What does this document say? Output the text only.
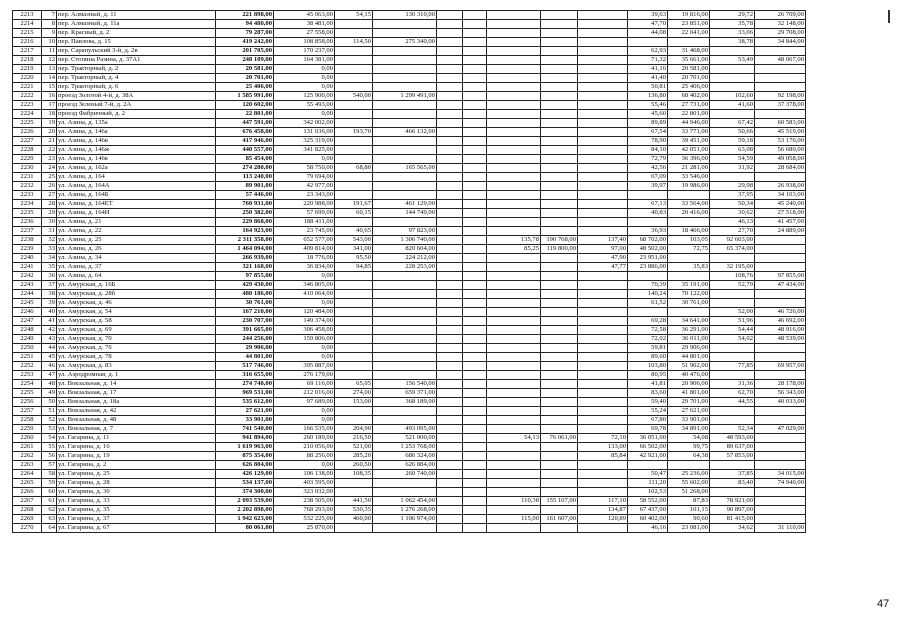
2213	7	пер. Алмазный, д. 11	221 898,00	45 063,00	54,15	130 310,00						39,63	19 816,00	29,72	26 709,00
2214	8	пер. Алмазный, д. 11а	94 480,00	38 481,00								47,70	23 851,00	35,78	32 148,00
2215	9	пер. Красный, д. 2	79 287,00	27 558,00								44,08	22 041,00	33,06	29 708,00
2216	10	пер. Павлова, д. 15	419 242,00	108 858,00	114,50	275 340,00								38,78	34 844,00
2217	11	пер. Сарапульский 3-й, д. 2в	201 705,00	170 237,00								62,93	31 468,00		
2218	12	пер. Стопина Разина, д. 37А1	248 109,00	164 381,00								71,32	35 661,00	53,49	48 067,00
2219	13	пер. Тракторный, д. 2	20 581,00	0,00								41,16	20 581,00		
2220	14	пер. Тракторный, д. 4	20 701,00	0,00								41,40	20 701,00		
2221	15	пер. Тракторный, д. 6	25 406,00	0,00								50,81	25 406,00		
2222	16	проезд Золотой 4-й, д. 38А	1 585 991,00	125 900,00	540,00	1 299 491,00						136,80	68 402,00	102,60	92 198,00
2223	17	проезд Зеленый 7-й, д. 2А	120 602,00	55 493,00								55,46	27 731,00	41,60	37 378,00
2224	18	проезд Фабричный, д. 2	22 801,00	0,00								45,60	22 801,00		
2225	19	ул. Азина, д. 135а	447 591,00	342 002,00								89,89	44 946,00	67,42	60 583,00
2226	20	ул. Азина, д. 146а	676 458,00	131 036,00	193,70	466 132,00						67,54	33 771,00	50,66	45 519,00
2227	21	ул. Азина, д. 146в	417 946,00	325 319,00								78,90	39 451,00	59,18	53 176,00
2228	22	ул. Азина, д. 146ж	440 557,00	341 825,00								84,10	42 051,00	63,08	56 680,00
2229	23	ул. Азина, д. 146к	85 454,00	0,00								72,79	36 396,00	54,59	49 058,00
2230	24	ул. Азина, д. 162а	274 280,00	58 750,00	68,80	165 565,00						42,56	21 281,00	31,92	28 684,00
2231	25	ул. Азина, д. 164	113 240,00	79 694,00								67,09	33 546,00		
2232	26	ул. Азина, д. 164А	89 901,00	42 977,00								39,97	19 986,00	29,98	26 938,00
2233	27	ул. Азина, д. 164Б	57 446,00	23 343,00										37,95	34 103,00
2234	28	ул. Азина, д. 164ЕТ	760 931,00	220 988,00	191,67	461 129,00						67,13	33 564,00	50,34	45 240,00
2235	29	ул. Азина, д. 164И	250 382,00	57 699,00	60,15	144 749,00						40,83	20 416,00	30,62	27 518,00
2236	30	ул. Азина, д. 21	229 868,00	188 411,00										46,13	41 457,00
2237	31	ул. Азина, д. 22	164 923,00	23 745,00	40,65	97 823,00						36,93	18 466,00	27,70	24 889,00
2238	32	ул. Азина, д. 25	2 311 358,00	652 577,00	543,00	1 306 740,00			135,78	190 768,00	137,40	68 702,00	103,05	92 603,00	
2239	33	ул. Азина, д. 26	1 464 094,00	409 814,00	341,00	820 604,00			85,25	119 800,00	97,00	48 502,00	72,75	65 374,00	
2240	34	ул. Азина, д. 34	266 939,00	18 776,00	95,50	224 212,00					47,90	23 951,00			
2241	35	ул. Азина, д. 37	321 168,00	36 834,00	94,85	228 253,00					47,77	23 886,00	35,83	32 195,00	
2242	36	ул. Азина, д. 64	97 855,00	0,00										108,76	97 855,00
2243	37	ул. Амурская, д. 16Б	429 430,00	346 805,00								70,39	35 191,00	52,79	47 434,00
2244	38	ул. Амурская, д. 28б	480 186,00	410 064,00								140,24	70 122,00		
2245	39	ул. Амурская, д. 46	30 761,00	0,00								61,52	30 761,00		
2246	40	ул. Амурская, д. 54	167 210,00	120 484,00										52,00	46 726,00
2247	41	ул. Амурская, д. 58	230 707,00	149 374,00								69,28	34 641,00	51,96	46 692,00
2248	42	ул. Амурская, д. 69	391 665,00	306 458,00								72,58	36 291,00	54,44	48 916,00
2249	43	ул. Амурская, д. 70	244 256,00	159 806,00								72,02	36 011,00	54,02	48 539,00
2250	44	ул. Амурская, д. 76	29 906,00	0,00								59,81	29 906,00		
2251	45	ул. Амурская, д. 78	44 801,00	0,00								89,60	44 801,00		
2252	46	ул. Амурская, д. 83	517 746,00	395 887,00								103,80	51 902,00	77,85	69 957,00
2253	47	ул. Аэродромная, д. 1	316 655,00	276 179,00								80,95	40 476,00		
2254	48	ул. Вокзальная, д. 14	274 740,00	69 116,00	65,05	156 540,00						41,81	20 906,00	31,36	28 178,00
2255	49	ул. Вокзальная, д. 17	969 531,00	212 016,00	274,00	659 371,00						83,60	41 801,00	62,70	56 343,00
2256	50	ул. Вокзальная, д. 18а	535 612,00	97 689,00	153,00	368 189,00						59,40	29 701,00	44,55	40 033,00
2257	51	ул. Вокзальная, д. 42	27 621,00	0,00								55,24	27 621,00		
2258	52	ул. Вокзальная, д. 48	33 901,00	0,00								67,80	33 901,00		
2259	53	ул. Вокзальная, д. 7	741 540,00	166 535,00	204,90	493 095,00						69,78	34 891,00	52,34	47 029,00
2260	54	ул. Гагарина, д. 11	941 894,00	260 189,00	216,50	521 000,00			54,13	76 061,00	72,10	36 051,00	54,08	48 593,00	
2261	55	ул. Гагарина, д. 16	1 619 963,00	210 056,00	521,00	1 253 768,00					133,00	66 502,00	99,75	89 637,00	
2262	56	ул. Гагарина, д. 19	875 354,00	88 256,00	285,20	686 324,00					85,84	42 921,00	64,38	57 853,00	
2263	57	ул. Гагарина, д. 2	626 884,00	0,00	260,50	626 884,00									
2264	58	ул. Гагарина, д. 25	426 129,00	106 138,00	108,35	260 740,00						50,47	25 236,00	37,85	34 015,00
2265	59	ул. Гагарина, д. 28	534 137,00	403 595,00								111,20	55 602,00	83,40	74 940,00
2266	60	ул. Гагарина, д. 30	374 300,00	323 032,00								102,53	51 268,00		
2267	61	ул. Гагарина, д. 33	2 093 539,00	238 505,00	441,50	1 062 454,00			110,38	155 107,00	117,10	58 552,00	87,83	78 921,00	
2268	62	ул. Гагарина, д. 35	2 202 898,00	768 293,00	530,35	1 276 268,00					134,87	67 437,00	101,15	90 897,00	
2269	63	ул. Гагарина, д. 37	1 942 623,00	532 225,00	460,00	1 106 974,00			115,00	161 607,00	120,89	60 402,00	90,60	81 415,00	
2270	64	ул. Гагарина, д. 67	80 061,00	25 870,00								46,16	23 081,00	34,62	31 110,00
47
